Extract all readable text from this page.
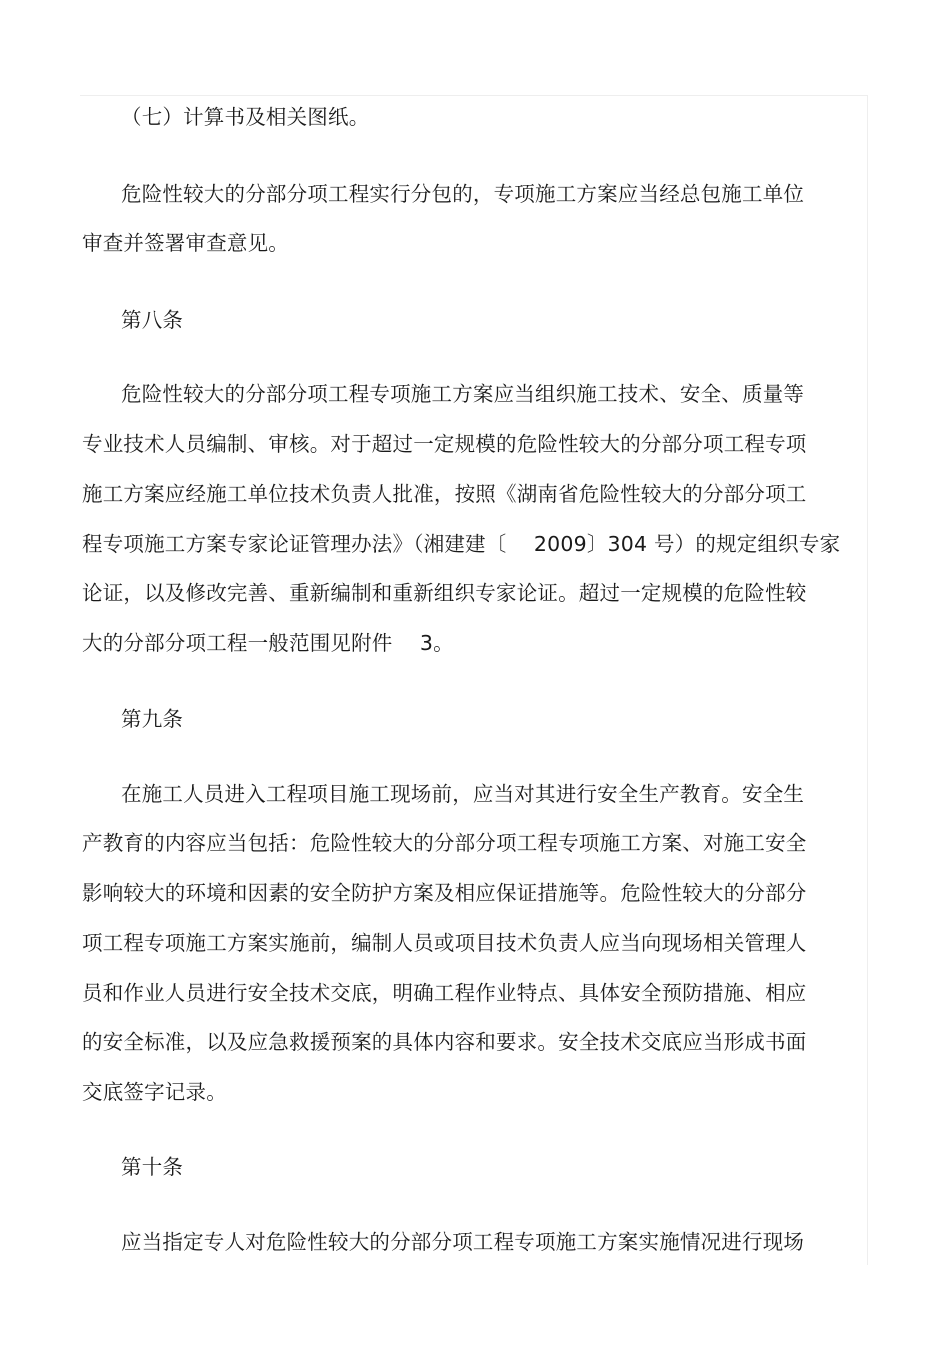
（七）计算书及相关图纸。
危险性较大的分部分项工程实行分包的，专项施工方案应当经总包施工单位
审查并签署审查意见。
第八条
危险性较大的分部分项工程专项施工方案应当组织施工技术、安全、质量等
专业技术人员编制、审核。对于超过一定规模的危险性较大的分部分项工程专项
施工方案应经施工单位技术负责人批准，按照《湖南省危险性较大的分部分项工
程专项施工方案专家论证管理办法》（湘建建〔　 2009〕304 号）的规定组织专家
论证，以及修改完善、重新编制和重新组织专家论证。超过一定规模的危险性较
大的分部分项工程一般范围见附件　 3。
第九条
在施工人员进入工程项目施工现场前，应当对其进行安全生产教育。安全生
产教育的内容应当包括：危险性较大的分部分项工程专项施工方案、对施工安全
影响较大的环境和因素的安全防护方案及相应保证措施等。危险性较大的分部分
项工程专项施工方案实施前，编制人员或项目技术负责人应当向现场相关管理人
员和作业人员进行安全技术交底，明确工程作业特点、具体安全预防措施、相应
的安全标准，以及应急救援预案的具体内容和要求。安全技术交底应当形成书面
交底签字记录。
第十条
应当指定专人对危险性较大的分部分项工程专项施工方案实施情况进行现场
